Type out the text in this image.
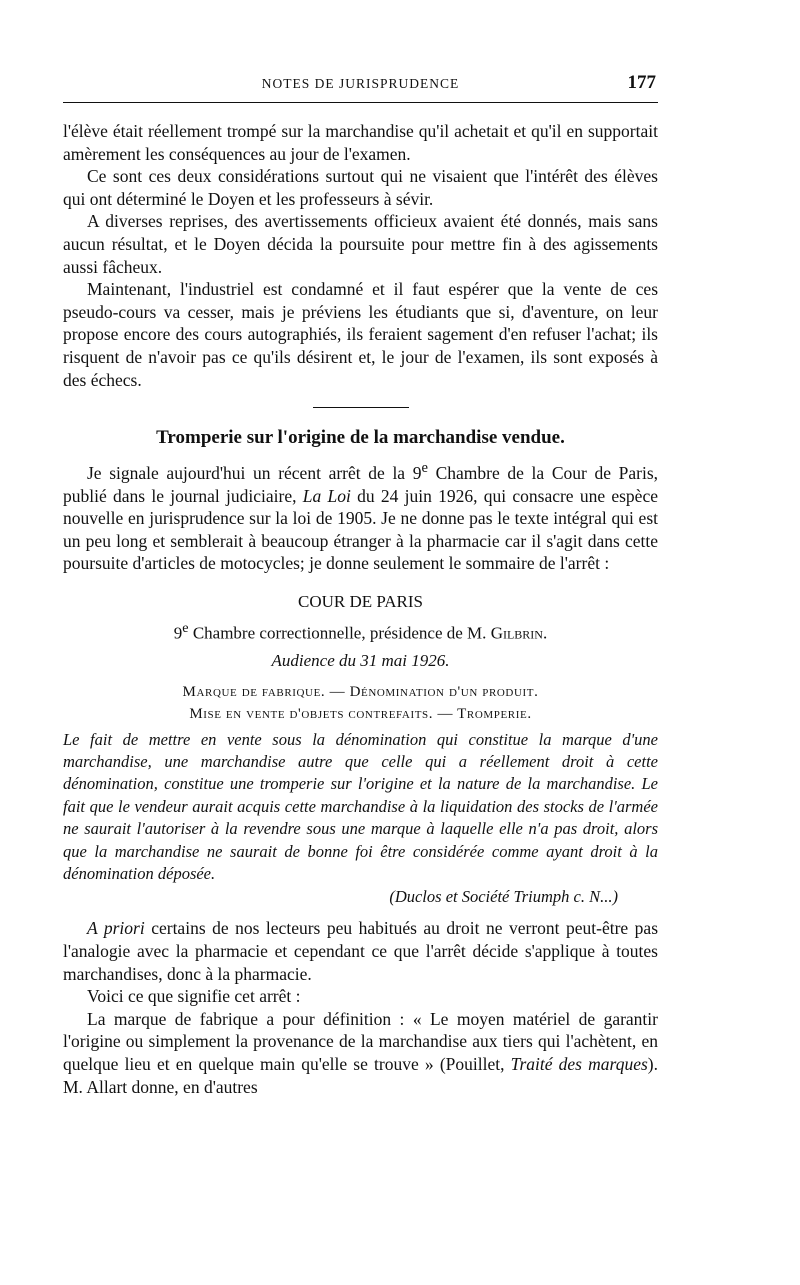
NOTES DE JURISPRUDENCE	177

l'élève était réellement trompé sur la marchandise qu'il achetait et qu'il en supportait amèrement les conséquences au jour de l'examen.

Ce sont ces deux considérations surtout qui ne visaient que l'intérêt des élèves qui ont déterminé le Doyen et les professeurs à sévir.

A diverses reprises, des avertissements officieux avaient été donnés, mais sans aucun résultat, et le Doyen décida la poursuite pour mettre fin à des agissements aussi fâcheux.

Maintenant, l'industriel est condamné et il faut espérer que la vente de ces pseudo-cours va cesser, mais je préviens les étudiants que si, d'aventure, on leur propose encore des cours autographiés, ils feraient sagement d'en refuser l'achat; ils risquent de n'avoir pas ce qu'ils désirent et, le jour de l'examen, ils sont exposés à des échecs.

Tromperie sur l'origine de la marchandise vendue.

Je signale aujourd'hui un récent arrêt de la 9e Chambre de la Cour de Paris, publié dans le journal judiciaire, La Loi du 24 juin 1926, qui consacre une espèce nouvelle en jurisprudence sur la loi de 1905. Je ne donne pas le texte intégral qui est un peu long et semblerait à beaucoup étranger à la pharmacie car il s'agit dans cette poursuite d'articles de motocycles; je donne seulement le sommaire de l'arrêt :

COUR DE PARIS
9e Chambre correctionnelle, présidence de M. Gilbrin.
Audience du 31 mai 1926.
Marque de fabrique. — Dénomination d'un produit.
Mise en vente d'objets contrefaits. — Tromperie.

Le fait de mettre en vente sous la dénomination qui constitue la marque d'une marchandise, une marchandise autre que celle qui a réellement droit à cette dénomination, constitue une tromperie sur l'origine et la nature de la marchandise. Le fait que le vendeur aurait acquis cette marchandise à la liquidation des stocks de l'armée ne saurait l'autoriser à la revendre sous une marque à laquelle elle n'a pas droit, alors que la marchandise ne saurait de bonne foi être considérée comme ayant droit à la dénomination déposée.

(Duclos et Société Triumph c. N...)

A priori certains de nos lecteurs peu habitués au droit ne verront peut-être pas l'analogie avec la pharmacie et cependant ce que l'arrêt décide s'applique à toutes marchandises, donc à la pharmacie.

Voici ce que signifie cet arrêt :

La marque de fabrique a pour définition : « Le moyen matériel de garantir l'origine ou simplement la provenance de la marchandise aux tiers qui l'achètent, en quelque lieu et en quelque main qu'elle se trouve » (Pouillet, Traité des marques). M. Allart donne, en d'autres
